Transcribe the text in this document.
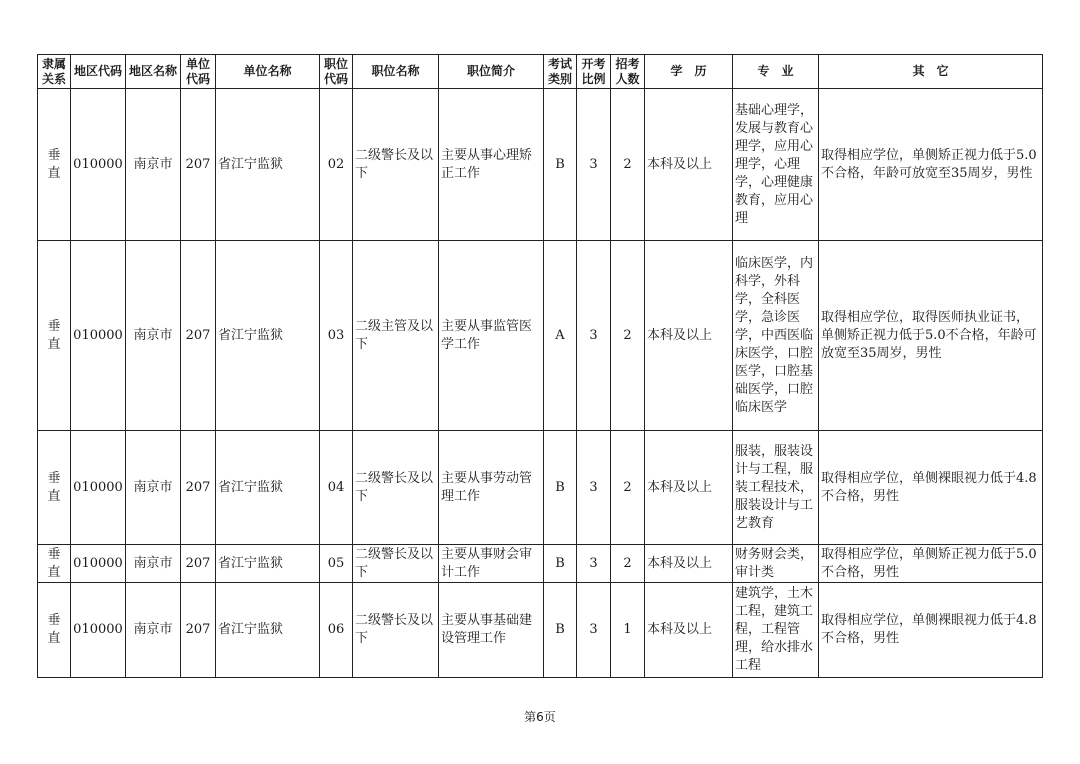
隶属关系	地区代码	地区名称	单位代码	单位名称	职位代码	职位名称	职位简介	考试类别	开考比例	招考人数	学　历	专　业	其　它
垂直	010000	南京市	207	省江宁监狱	02	二级警长及以下	主要从事心理矫正工作	B	3	2	本科及以上	基础心理学，发展与教育心理学，应用心理学，心理学，心理健康教育，应用心理	取得相应学位，单侧矫正视力低于5.0不合格，年龄可放宽至35周岁，男性
垂直	010000	南京市	207	省江宁监狱	03	二级主管及以下	主要从事监管医学工作	A	3	2	本科及以上	临床医学，内科学，外科学，全科医学，急诊医学，中西医临床医学，口腔医学，口腔基础医学，口腔临床医学	取得相应学位，取得医师执业证书，单侧矫正视力低于5.0不合格，年龄可放宽至35周岁，男性
垂直	010000	南京市	207	省江宁监狱	04	二级警长及以下	主要从事劳动管理工作	B	3	2	本科及以上	服装，服装设计与工程，服装工程技术，服装设计与工艺教育	取得相应学位，单侧裸眼视力低于4.8不合格，男性
垂直	010000	南京市	207	省江宁监狱	05	二级警长及以下	主要从事财会审计工作	B	3	2	本科及以上	财务财会类，审计类	取得相应学位，单侧矫正视力低于5.0不合格，男性
垂直	010000	南京市	207	省江宁监狱	06	二级警长及以下	主要从事基础建设管理工作	B	3	1	本科及以上	建筑学，土木工程，建筑工程，工程管理，给水排水工程	取得相应学位，单侧裸眼视力低于4.8不合格，男性
第6页
